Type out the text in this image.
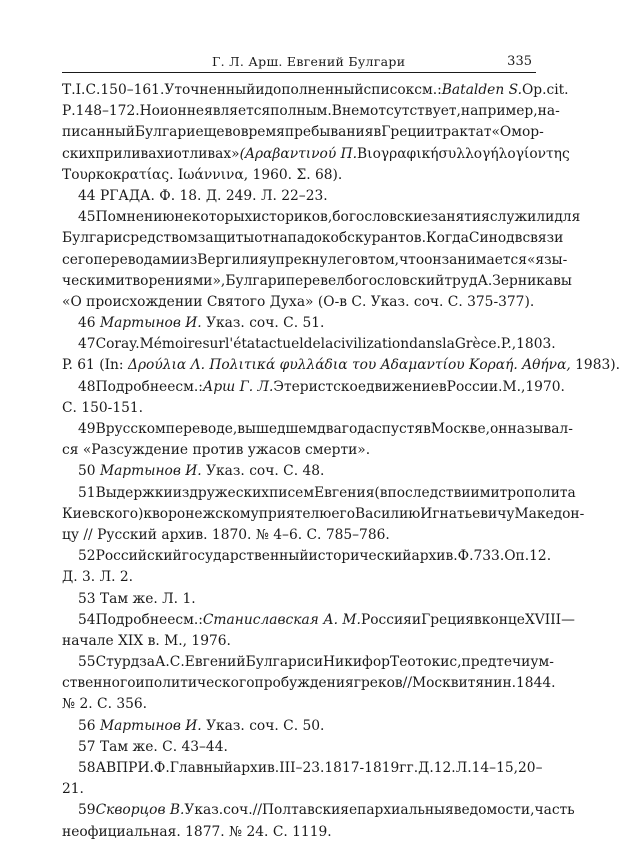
Г. Л. Арш. Евгений Булгари	335
Т. I. С. 150–161. Уточненный и дополненный список см.: Batalden S. Op. cit.
Р. 148–172. Но и он не является полным. В нем отсутствует, например, на-
писанный Булгари еще во время пребывания в Греции трактат «О мор-
ских приливах и отливах» (Αραβαντινού Π. Βιογραφική συλλογή λογίον της
Τουρκοκρατίας. Ιωάννινα, 1960. Σ. 68).
44 РГАДА. Ф. 18. Д. 249. Л. 22–23.
45 По мнению некоторых историков, богословские занятия служили для
Булгари средством защиты от нападок обскурантов. Когда Синод в связи
с его переводами из Вергилия упрекнул его в том, что он занимается «язы-
ческими творениями», Булгари перевел богословский труд А. Зерникавы
«О происхождении Святого Духа» (О-в С. Указ. соч. С. 375-377).
46 Мартынов И. Указ. соч. С. 51.
47 Coray. Mémoire sur l'état actuel de la civilization dans la Grèce. P., 1803.
P. 61 (In: Δρούλια Λ. Πολιτικά φυλλάδια του Αδαμαντίου Κοραή. Αθήνα, 1983).
48 Подробнее см.: Арш Г. Л. Этеристское движение в России. М., 1970.
С. 150-151.
49 В русском переводе, вышедшем два года спустя в Москве, он называл-
ся «Разсуждение против ужасов смерти».
50 Мартынов И. Указ. соч. С. 48.
51 Выдержки из дружеских писем Евгения (впоследствии митрополита
Киевского) к воронежскому приятелю его Василию Игнатьевичу Македон-
цу // Русский архив. 1870. № 4–6. С. 785–786.
52 Российский государственный исторический архив. Ф. 733. Оп. 12.
Д. 3. Л. 2.
53 Там же. Л. 1.
54 Подробнее см.: Станиславская А. М. Россия и Греция в конце XVIII —
начале XIX в. М., 1976.
55 Стурдза А. С. Евгений Булгарис и Никифор Теотокис, предтечи ум-
ственного и политического пробуждения греков // Москвитянин. 1844.
№ 2. С. 356.
56 Мартынов И. Указ. соч. С. 50.
57 Там же. С. 43–44.
58 АВПРИ. Ф. Главный архив. III – 23. 1817-1819 гг. Д. 12. Л. 14–15, 20–
21.
59 Скворцов В. Указ. соч. // Полтавския епархиальныя ведомости, часть
неофициальная. 1877. № 24. С. 1119.
